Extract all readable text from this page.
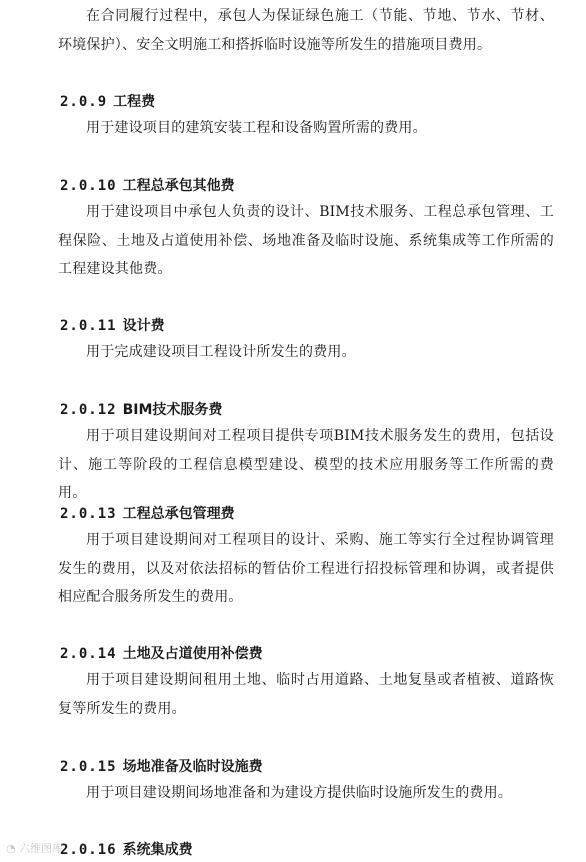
在合同履行过程中，承包人为保证绿色施工（节能、节地、节水、节材、环境保护）、安全文明施工和搭拆临时设施等所发生的措施项目费用。

2.0.9 工程费

用于建设项目的建筑安装工程和设备购置所需的费用。

2.0.10 工程总承包其他费

用于建设项目中承包人负责的设计、BIM技术服务、工程总承包管理、工程保险、土地及占道使用补偿、场地准备及临时设施、系统集成等工作所需的工程建设其他费。

2.0.11 设计费

用于完成建设项目工程设计所发生的费用。

2.0.12 BIM技术服务费

用于项目建设期间对工程项目提供专项BIM技术服务发生的费用，包括设计、施工等阶段的工程信息模型建设、模型的技术应用服务等工作所需的费用。

2.0.13 工程总承包管理费

用于项目建设期间对工程项目的设计、采购、施工等实行全过程协调管理发生的费用，以及对依法招标的暂估价工程进行招投标管理和协调，或者提供相应配合服务所发生的费用。

2.0.14 土地及占道使用补偿费

用于项目建设期间租用土地、临时占用道路、土地复垦或者植被、道路恢复等所发生的费用。

2.0.15 场地准备及临时设施费

用于项目建设期间场地准备和为建设方提供临时设施所发生的费用。

2.0.16 系统集成费
◔ 六维图库
